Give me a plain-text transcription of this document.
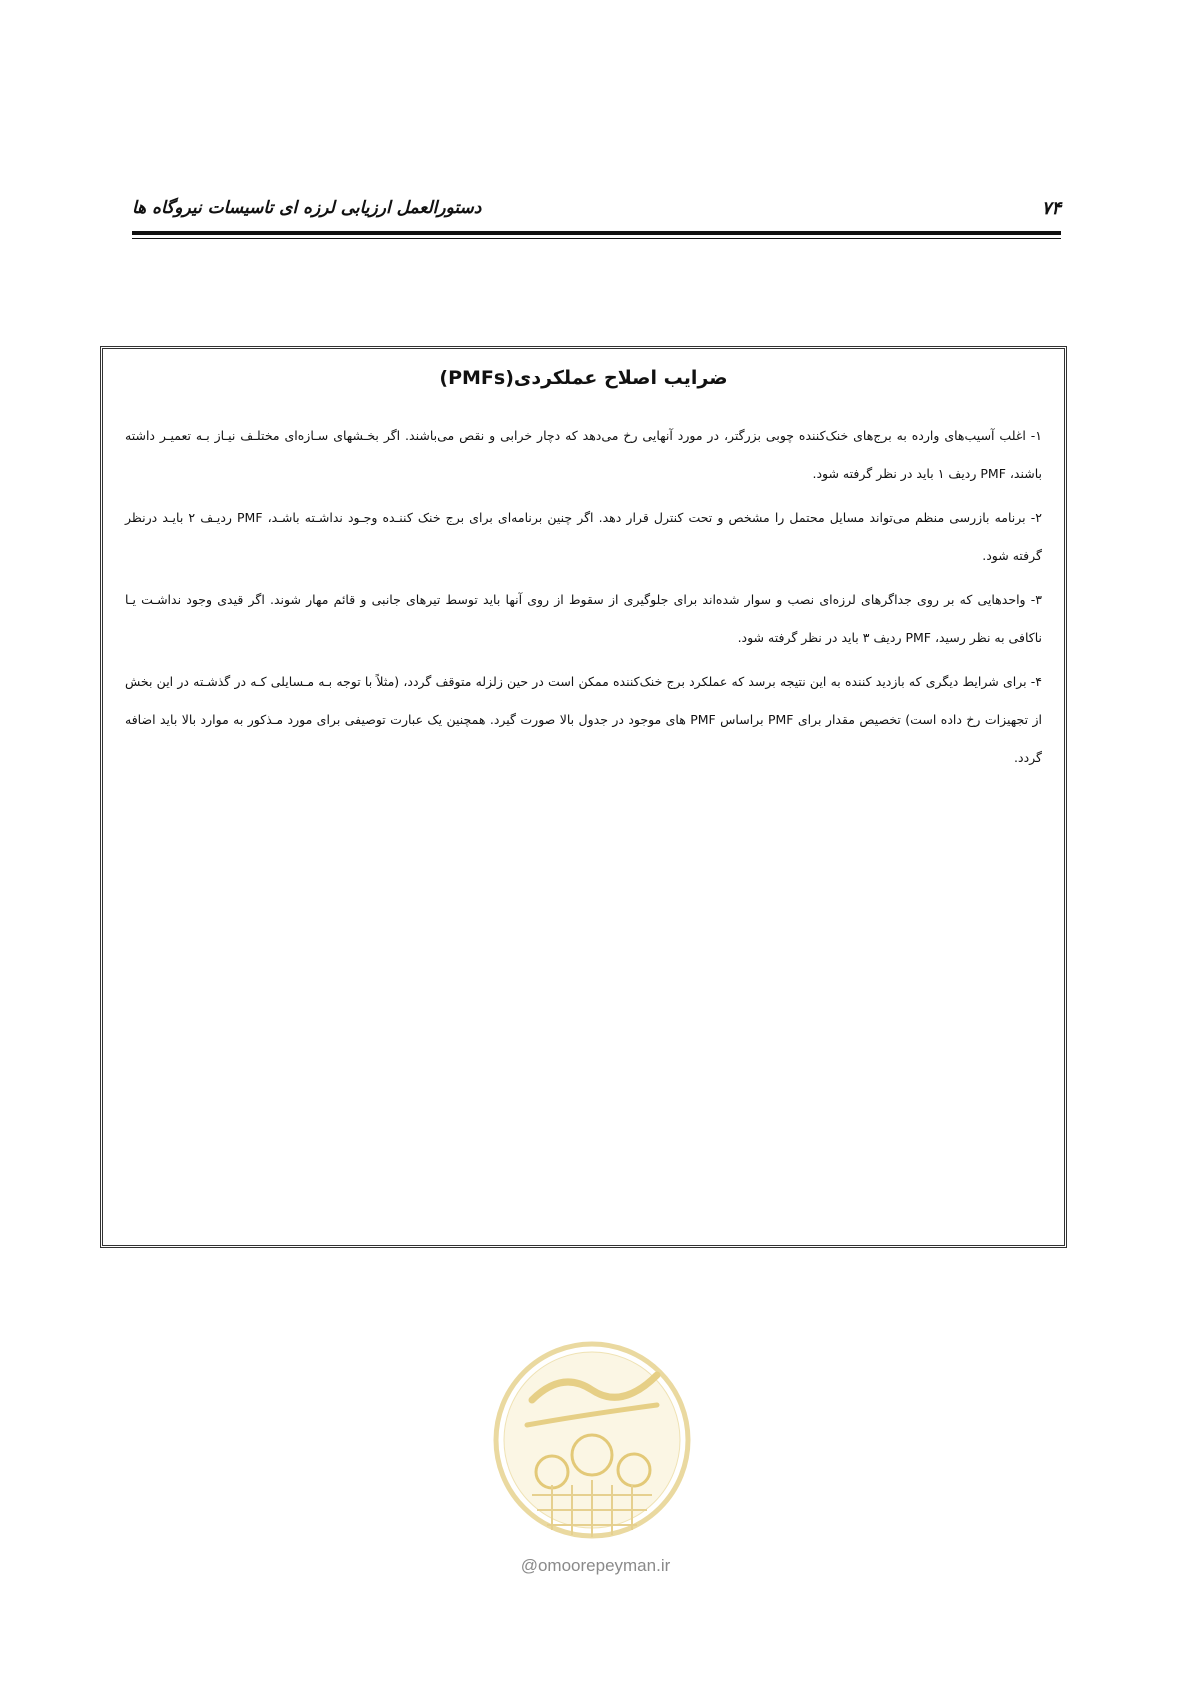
۷۴
دستورالعمل ارزیابی لرزه ای تاسیسات نیروگاه ها
ضرایب اصلاح عملکردی(PMFs)

۱- اغلب آسیب‌های وارده به برج‌های خنک‌کننده چوبی بزرگتر، در مورد آنهایی رخ می‌دهد که دچار خرابی و نقص می‌باشند. اگر بخـشهای سـازه‌ای مختلـف نیـاز بـه تعمیـر داشته باشند، PMF ردیف ۱ باید در نظر گرفته شود.

۲- برنامه بازرسی منظم می‌تواند مسایل محتمل را مشخص و تحت کنترل قرار دهد. اگر چنین برنامه‌ای برای برج خنک کننـده وجـود نداشـته باشـد، PMF ردیـف ۲ بایـد درنظر گرفته شود.

۳- واحدهایی که بر روی جداگرهای لرزه‌ای نصب و سوار شده‌اند برای جلوگیری از سقوط از روی آنها باید توسط تیرهای جانبی و قائم مهار شوند. اگر قیدی وجود نداشـت یـا ناکافی به نظر رسید، PMF ردیف ۳ باید در نظر گرفته شود.

۴- برای شرایط دیگری که بازدید کننده به این نتیجه برسد که عملکرد برج خنک‌کننده ممکن است در حین زلزله متوقف گردد، (مثلاً با توجه بـه مـسایلی کـه در گذشـته در این بخش از تجهیزات رخ داده است) تخصیص مقدار برای PMF براساس PMF های موجود در جدول بالا صورت گیرد. همچنین یک عبارت توصیفی برای مورد مـذکور به موارد بالا باید اضافه گردد.

@omoorepeyman.ir
